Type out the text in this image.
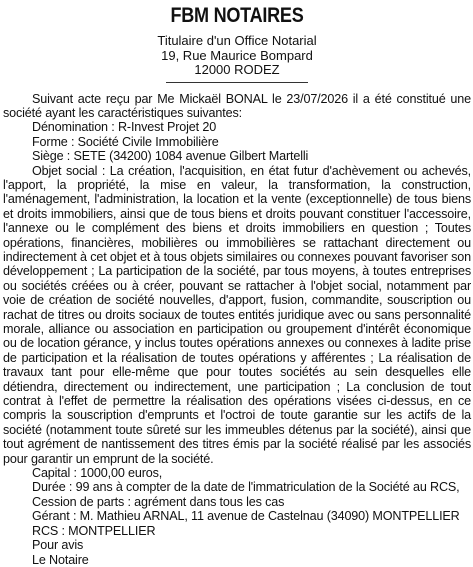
FBM NOTAIRES

Titulaire d'un Office Notarial

19, Rue Maurice Bompard

12000 RODEZ

Suivant acte reçu par Me Mickaël BONAL le 23/07/2026 il a été constitué une société ayant les caractéristiques suivantes:

Dénomination : R-Invest Projet 20

Forme : Société Civile Immobilière

Siège : SETE (34200) 1084 avenue Gilbert Martelli

Objet social : La création, l'acquisition, en état futur d'achèvement ou achevés, l'apport, la propriété, la mise en valeur, la transformation, la construction, l'aménagement, l'administration, la location et la vente (exceptionnelle) de tous biens et droits immobiliers, ainsi que de tous biens et droits pouvant constituer l'accessoire, l'annexe ou le complément des biens et droits immobiliers en question ; Toutes opérations, financières, mobilières ou immobilières se rattachant directement ou indirectement à cet objet et à tous objets similaires ou connexes pouvant favoriser son développement ; La participation de la société, par tous moyens, à toutes entreprises ou sociétés créées ou à créer, pouvant se rattacher à l'objet social, notamment par voie de création de société nouvelles, d'apport, fusion, commandite, souscription ou rachat de titres ou droits sociaux de toutes entités juridique avec ou sans personnalité morale, alliance ou association en participation ou groupement d'intérêt économique ou de location gérance, y inclus toutes opérations annexes ou connexes à ladite prise de participation et la réalisation de toutes opérations y afférentes ; La réalisation de travaux tant pour elle-même que pour toutes sociétés au sein desquelles elle détiendra, directement ou indirectement, une participation ; La conclusion de tout contrat à l'effet de permettre la réalisation des opérations visées ci-dessus, en ce compris la souscription d'emprunts et l'octroi de toute garantie sur les actifs de la société (notamment toute sûreté sur les immeubles détenus par la société), ainsi que tout agrément de nantissement des titres émis par la société réalisé par les associés pour garantir un emprunt de la société.

Capital : 1000,00 euros,

Durée : 99 ans à compter de la date de l'immatriculation de la Société au RCS,

Cession de parts : agrément dans tous les cas

Gérant : M. Mathieu ARNAL, 11 avenue de Castelnau (34090) MONTPELLIER

RCS : MONTPELLIER

Pour avis

Le Notaire
